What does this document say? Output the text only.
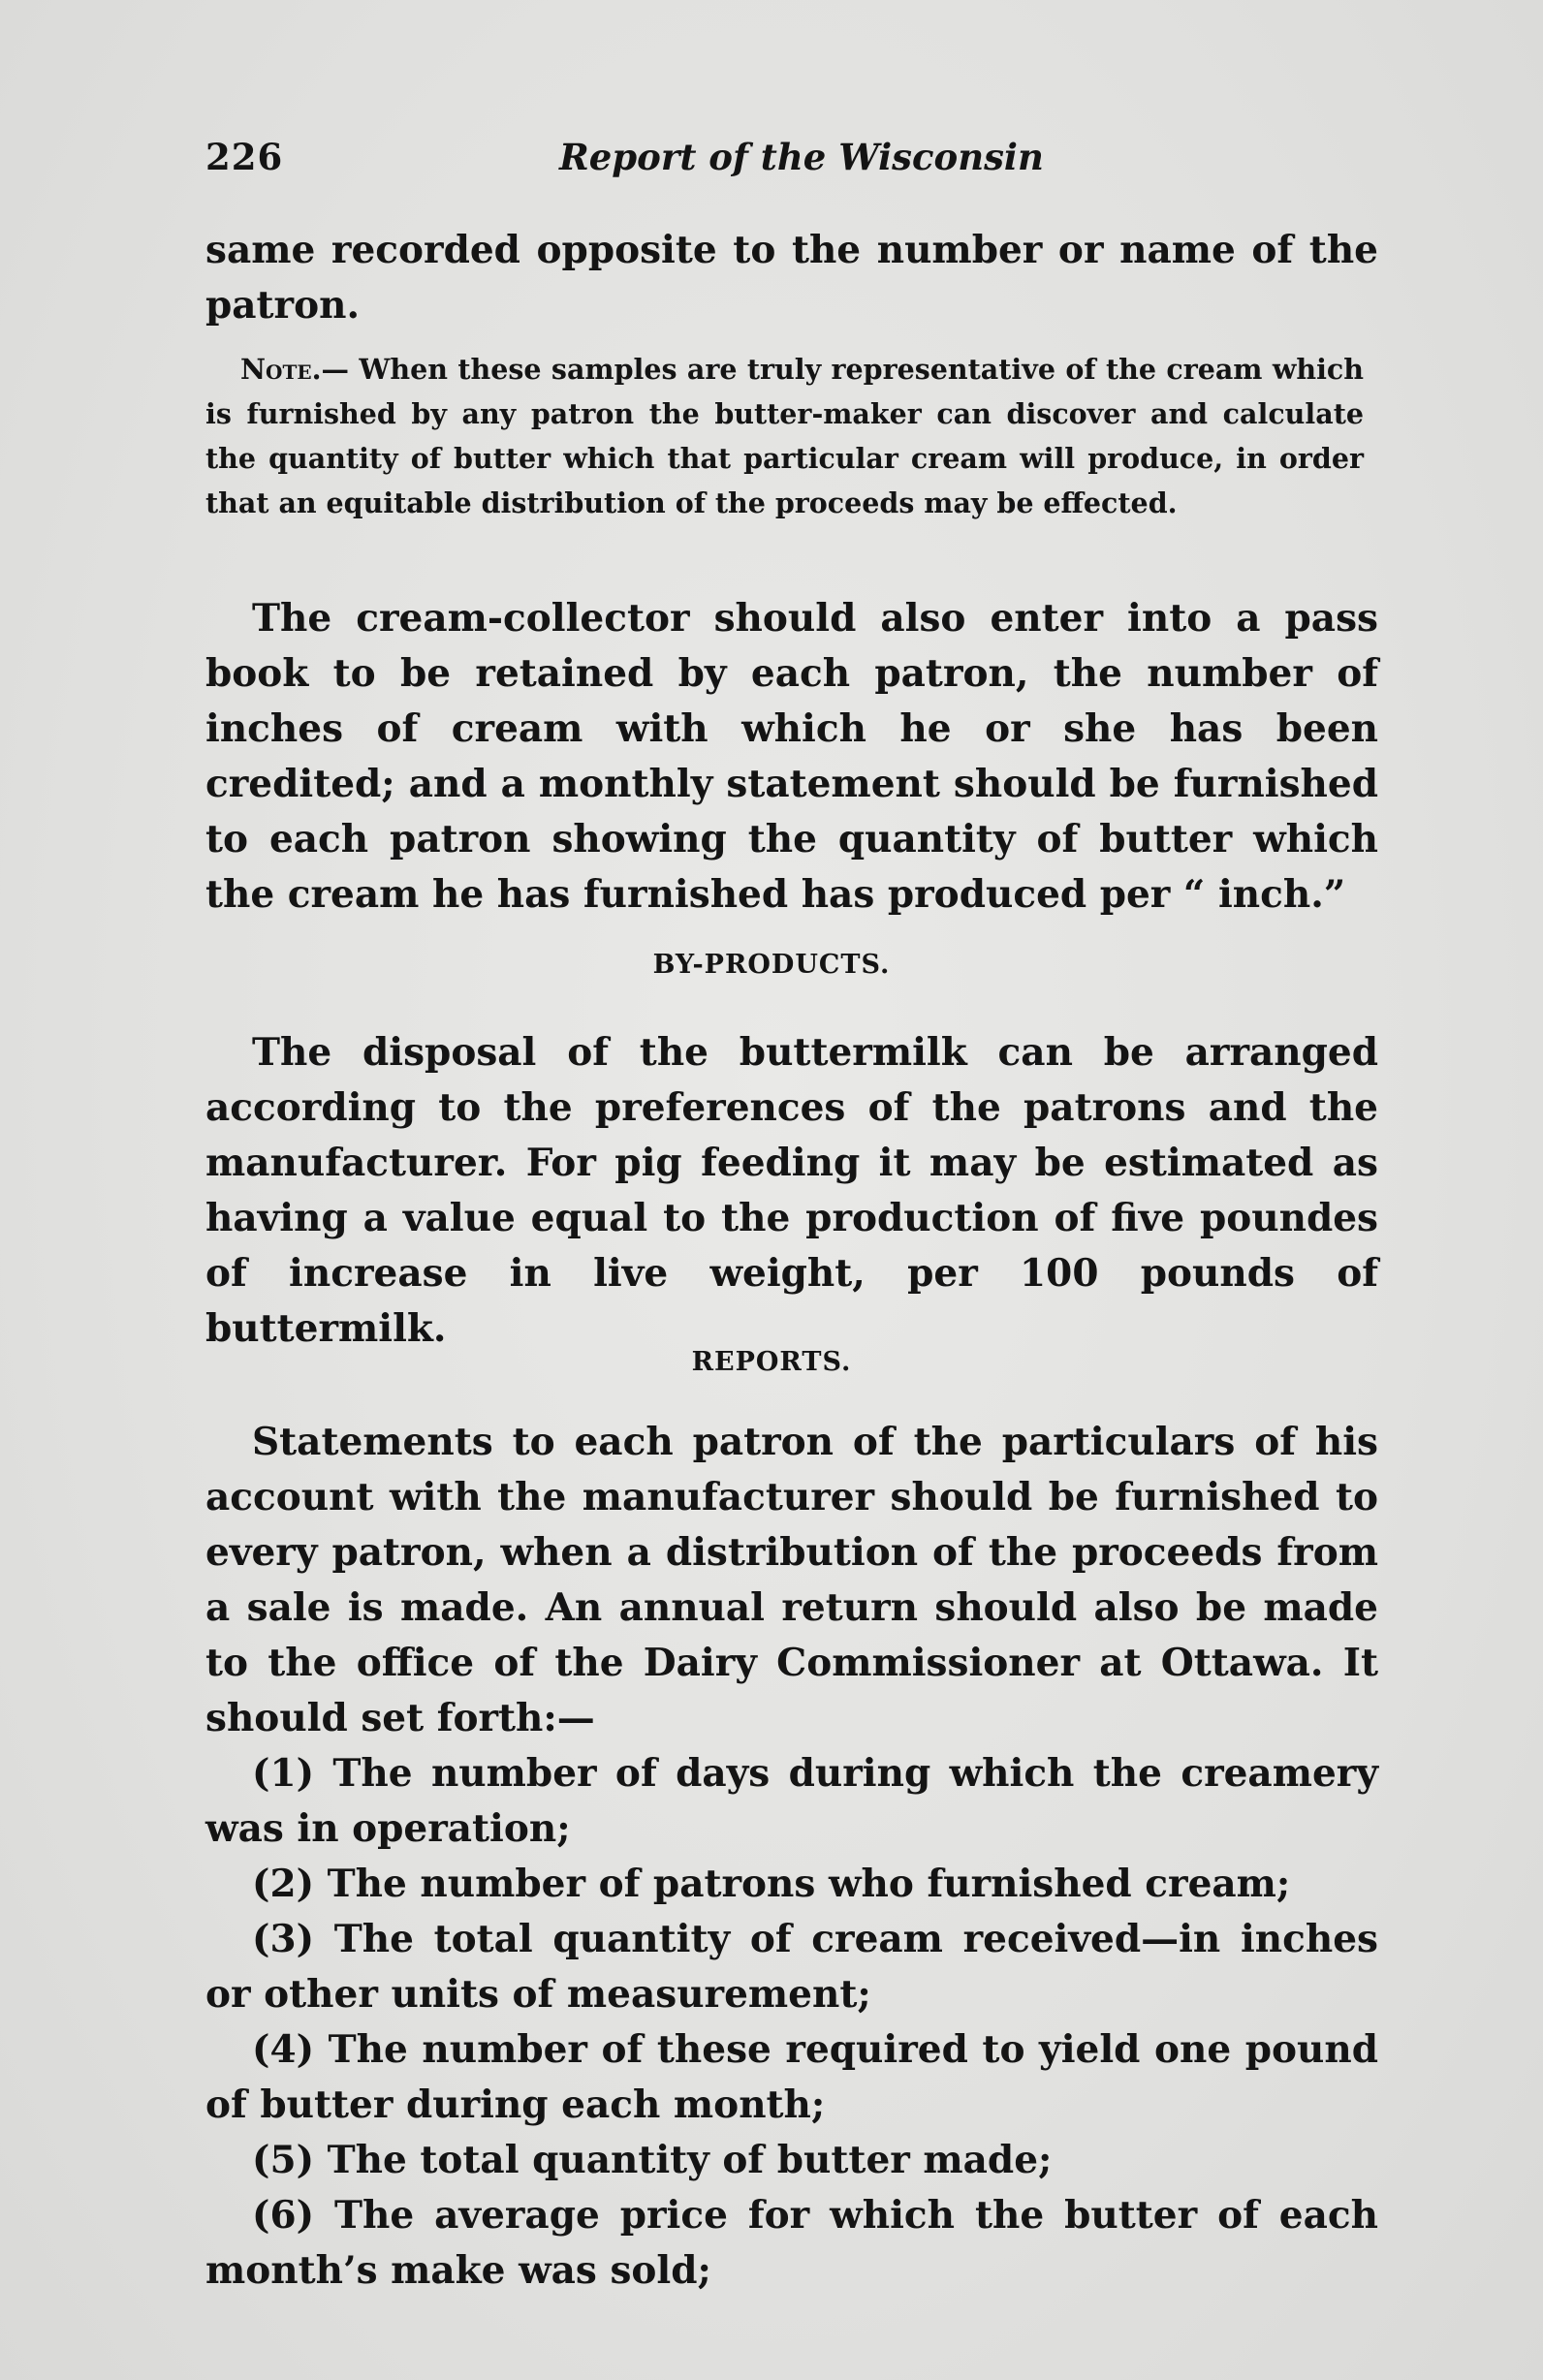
226	Report of the Wisconsin

same recorded opposite to the number or name of the patron.

Note.— When these samples are truly representative of the cream which is furnished by any patron the butter-maker can discover and calculate the quantity of butter which that particular cream will produce, in order that an equitable distribution of the proceeds may be effected.

The cream-collector should also enter into a pass book to be retained by each patron, the number of inches of cream with which he or she has been credited; and a monthly statement should be furnished to each patron showing the quantity of butter which the cream he has furnished has produced per “ inch.”

BY-PRODUCTS.

The disposal of the buttermilk can be arranged according to the preferences of the patrons and the manufacturer. For pig feeding it may be estimated as having a value equal to the production of five poundes of increase in live weight, per 100 pounds of buttermilk.

REPORTS.

Statements to each patron of the particulars of his account with the manufacturer should be furnished to every patron, when a distribution of the proceeds from a sale is made. An annual return should also be made to the office of the Dairy Commissioner at Ottawa. It should set forth:—

(1) The number of days during which the creamery was in operation;

(2) The number of patrons who furnished cream;

(3) The total quantity of cream received—in inches or other units of measurement;

(4) The number of these required to yield one pound of butter during each month;

(5) The total quantity of butter made;

(6) The average price for which the butter of each month’s make was sold;
